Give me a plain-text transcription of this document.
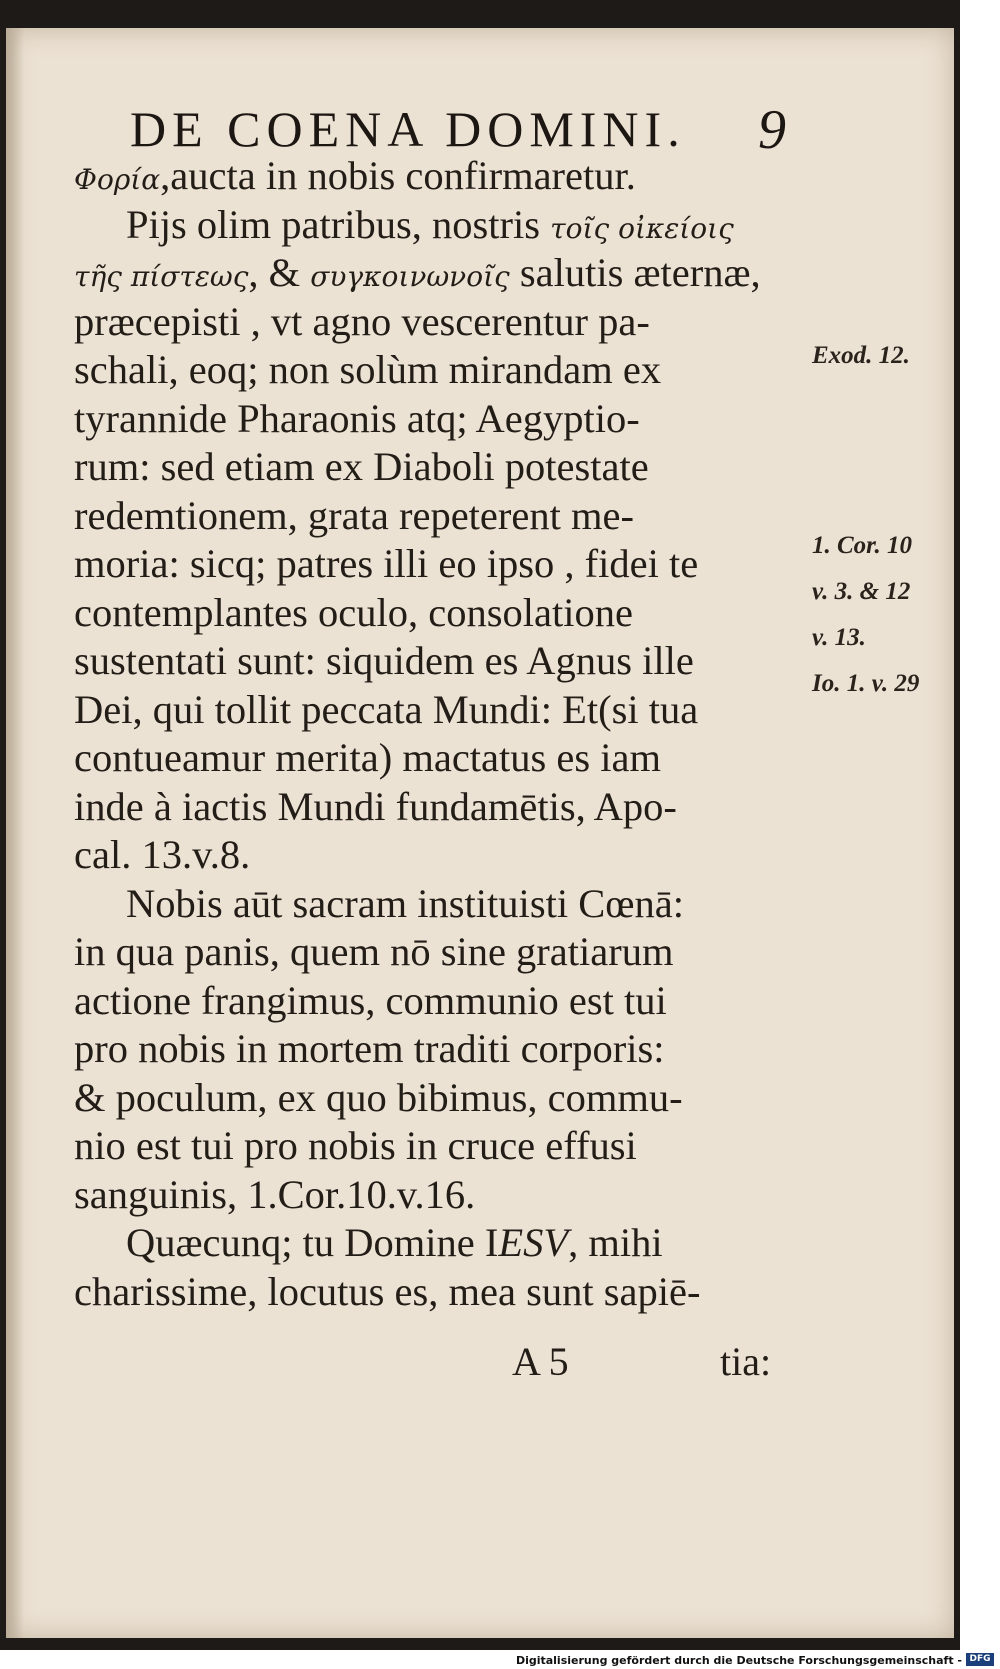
DE COENA DOMINI. 9
Φορία,aucta in nobis confirmaretur.
Pijs olim patribus, nostris τοῖς οἰκείοις
τῆς πίστεως, & συγκοινωνοῖς salutis æternæ,
præcepisti , vt agno vescerentur pa-
schali, eoq; non solùm mirandam ex
tyrannide Pharaonis atq; Aegyptio-
rum: sed etiam ex Diaboli potestate
redemtionem, grata repeterent me-
moria: sicq; patres illi eo ipso , fidei te
contemplantes oculo, consolatione
sustentati sunt: siquidem es Agnus ille
Dei, qui tollit peccata Mundi: Et(si tua
contueamur merita) mactatus es iam
inde à iactis Mundi fundamētis, Apo-
cal. 13.v.8.
Nobis aūt sacram instituisti Cœnā:
in qua panis, quem nō sine gratiarum
actione frangimus, communio est tui
pro nobis in mortem traditi corporis:
& poculum, ex quo bibimus, commu-
nio est tui pro nobis in cruce effusi
sanguinis, 1.Cor.10.v.16.
Quæcunq; tu Domine IESV, mihi
charissime, locutus es, mea sunt sapiē-
Exod. 12.
1. Cor. 10
v. 3. & 12
v. 13.
Io. 1. v. 29
A 5	tia:
Digitalisierung gefördert durch die Deutsche Forschungsgemeinschaft - DFG
